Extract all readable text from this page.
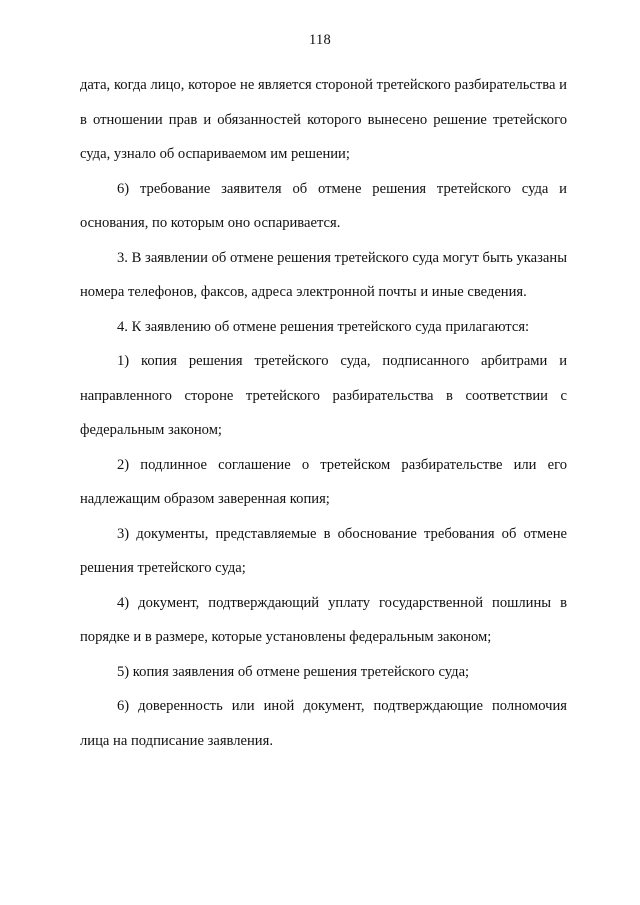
118

дата, когда лицо, которое не является стороной третейского разбирательства и в отношении прав и обязанностей которого вынесено решение третейского суда, узнало об оспариваемом им решении;

6) требование заявителя об отмене решения третейского суда и основания, по которым оно оспаривается.

3. В заявлении об отмене решения третейского суда могут быть указаны номера телефонов, факсов, адреса электронной почты и иные сведения.

4. К заявлению об отмене решения третейского суда прилагаются:

1) копия решения третейского суда, подписанного арбитрами и направленного стороне третейского разбирательства в соответствии с федеральным законом;

2) подлинное соглашение о третейском разбирательстве или его надлежащим образом заверенная копия;

3) документы, представляемые в обоснование требования об отмене решения третейского суда;

4) документ, подтверждающий уплату государственной пошлины в порядке и в размере, которые установлены федеральным законом;

5) копия заявления об отмене решения третейского суда;

6) доверенность или иной документ, подтверждающие полномочия лица на подписание заявления.
